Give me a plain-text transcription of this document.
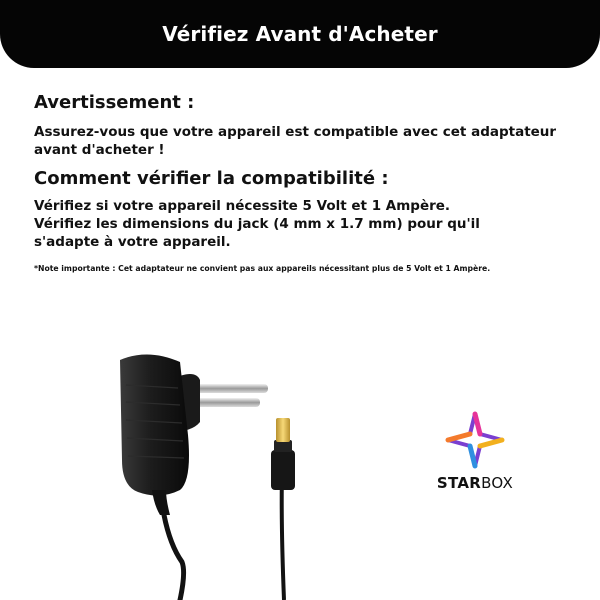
Vérifiez Avant d'Acheter
Avertissement :

Assurez-vous que votre appareil est compatible avec cet adaptateur avant d'acheter !

Comment vérifier la compatibilité :

Vérifiez si votre appareil nécessite 5 Volt et 1 Ampère.
Vérifiez les dimensions du jack (4 mm x 1.7 mm) pour qu'il
s'adapte à votre appareil.

*Note importante : Cet adaptateur ne convient pas aux appareils nécessitant plus de 5 Volt et 1 Ampère.

STARBOX
